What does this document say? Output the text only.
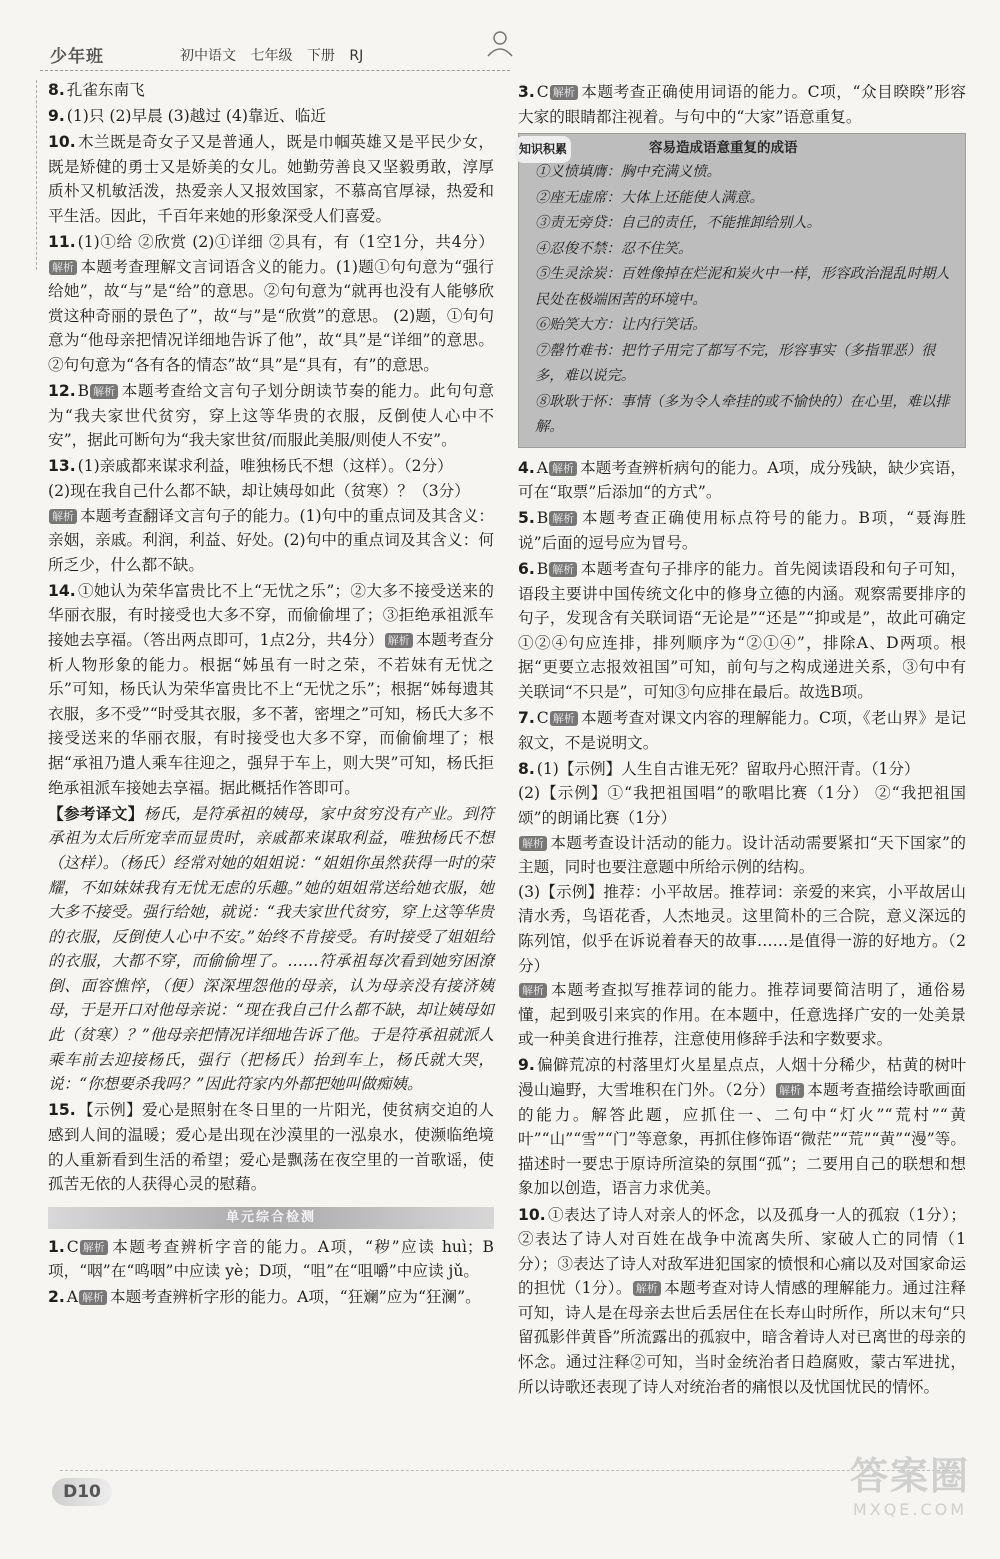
少年班	初中语文 七年级 下册 RJ

8. 孔雀东南飞

9. (1)只 (2)早晨 (3)越过 (4)靠近、临近

10. 木兰既是奇女子又是普通人，既是巾帼英雄又是平民少女，既是矫健的勇士又是娇美的女儿。她勤劳善良又坚毅勇敢，淳厚质朴又机敏活泼，热爱亲人又报效国家，不慕高官厚禄，热爱和平生活。因此，千百年来她的形象深受人们喜爱。

11. (1)①给 ②欣赏 (2)①详细 ②具有，有（1空1分，共4分）解析 本题考查理解文言词语含义的能力。(1)题①句句意为“强行给她”，故“与”是“给”的意思。②句句意为“就再也没有人能够欣赏这种奇丽的景色了”，故“与”是“欣赏”的意思。 (2)题，①句句意为“他母亲把情况详细地告诉了他”，故“具”是“详细”的意思。②句句意为“各有各的情态”故“具”是“具有，有”的意思。

12. B 解析 本题考查给文言句子划分朗读节奏的能力。此句句意为“我夫家世代贫穷，穿上这等华贵的衣服，反倒使人心中不安”，据此可断句为“我夫家世贫/而服此美服/则使人不安”。

13. (1)亲戚都来谋求利益，唯独杨氏不想（这样）。（2分）
(2)现在我自己什么都不缺，却让姨母如此（贫寒）？（3分）
解析 本题考查翻译文言句子的能力。(1)句中的重点词及其含义：亲姻，亲戚。利润，利益、好处。(2)句中的重点词及其含义：何所乏少，什么都不缺。

14. ①她认为荣华富贵比不上“无忧之乐”；②大多不接受送来的华丽衣服，有时接受也大多不穿，而偷偷埋了；③拒绝承祖派车接她去享福。（答出两点即可，1点2分，共4分） 解析 本题考查分析人物形象的能力。根据“姊虽有一时之荣，不若妹有无忧之乐”可知，杨氏认为荣华富贵比不上“无忧之乐”；根据“姊每遗其衣服，多不受”“时受其衣服，多不著，密埋之”可知，杨氏大多不接受送来的华丽衣服，有时接受也大多不穿，而偷偷埋了；根据“承祖乃遣人乘车往迎之，强舁于车上，则大哭”可知，杨氏拒绝承祖派车接她去享福。据此概括作答即可。

【参考译文】杨氏，是符承祖的姨母，家中贫穷没有产业。到符承祖为太后所宠幸而显贵时，亲戚都来谋取利益，唯独杨氏不想（这样）。（杨氏）经常对她的姐姐说：“姐姐你虽然获得一时的荣耀，不如妹妹我有无忧无虑的乐趣。”她的姐姐常送给她衣服，她大多不接受。强行给她，就说：“我夫家世代贫穷，穿上这等华贵的衣服，反倒使人心中不安。”始终不肯接受。有时接受了姐姐给的衣服，大都不穿，而偷偷埋了。……符承祖每次看到她穷困潦倒、面容憔悴，（便）深深埋怨他的母亲，认为母亲没有接济姨母，于是开口对他母亲说：“现在我自己什么都不缺，却让姨母如此（贫寒）？”他母亲把情况详细地告诉了他。于是符承祖就派人乘车前去迎接杨氏，强行（把杨氏）抬到车上，杨氏就大哭，说：“你想要杀我吗？”因此符家内外都把她叫做痴姨。

15. 【示例】爱心是照射在冬日里的一片阳光，使贫病交迫的人感到人间的温暖；爱心是出现在沙漠里的一泓泉水，使濒临绝境的人重新看到生活的希望；爱心是飘荡在夜空里的一首歌谣，使孤苦无依的人获得心灵的慰藉。

单元综合检测

1. C 解析 本题考查辨析字音的能力。A项，“秽”应读 huì；B项，“咽”在“鸣咽”中应读 yè；D项，“咀”在“咀嚼”中应读 jǔ。

2. A 解析 本题考查辨析字形的能力。A项，“狂斓”应为“狂澜”。

3. C 解析 本题考查正确使用词语的能力。C项，“众目睽睽”形容大家的眼睛都注视着。与句中的“大家”语意重复。

知识积累	容易造成语意重复的成语

①义愤填膺：胸中充满义愤。

②座无虚席：大体上还能使人满意。

③责无旁贷：自己的责任，不能推卸给别人。

④忍俊不禁：忍不住笑。

⑤生灵涂炭：百姓像掉在烂泥和炭火中一样，形容政治混乱时期人民处在极端困苦的环境中。

⑥贻笑大方：让内行笑话。

⑦罄竹难书：把竹子用完了都写不完，形容事实（多指罪恶）很多，难以说完。

⑧耿耿于怀：事情（多为令人牵挂的或不愉快的）在心里，难以排解。

4. A 解析 本题考查辨析病句的能力。A项，成分残缺，缺少宾语，可在“取票”后添加“的方式”。

5. B 解析 本题考查正确使用标点符号的能力。B项，“聂海胜说”后面的逗号应为冒号。

6. B 解析 本题考查句子排序的能力。首先阅读语段和句子可知，语段主要讲中国传统文化中的修身立德的内涵。观察需要排序的句子，发现含有关联词语“无论是”“还是”“抑或是”，故此可确定①②④句应连排，排列顺序为“②①④”，排除A、D两项。根据“更要立志报效祖国”可知，前句与之构成递进关系，③句中有关联词“不只是”，可知③句应排在最后。故选B项。

7. C 解析 本题考查对课文内容的理解能力。C项，《老山界》是记叙文，不是说明文。

8. (1)【示例】人生自古谁无死？留取丹心照汗青。（1分）
(2)【示例】①“我把祖国唱”的歌唱比赛（1分） ②“我把祖国颂”的朗诵比赛（1分）
解析 本题考查设计活动的能力。设计活动需要紧扣“天下国家”的主题，同时也要注意题中所给示例的结构。
(3)【示例】推荐：小平故居。推荐词：亲爱的来宾，小平故居山清水秀，鸟语花香，人杰地灵。这里简朴的三合院，意义深远的陈列馆，似乎在诉说着春天的故事……是值得一游的好地方。（2分）
解析 本题考查拟写推荐词的能力。推荐词要简洁明了，通俗易懂，起到吸引来宾的作用。在本题中，任意选择广安的一处美景或一种美食进行推荐，注意使用修辞手法和字数要求。

9. 偏僻荒凉的村落里灯火星星点点，人烟十分稀少，枯黄的树叶漫山遍野，大雪堆积在门外。（2分） 解析 本题考查描绘诗歌画面的能力。解答此题，应抓住一、二句中“灯火”“荒村”“黄叶”“山”“雪”“门”等意象，再抓住修饰语“微茫”“荒”“黄”“漫”等。描述时一要忠于原诗所渲染的氛围“孤”；二要用自己的联想和想象加以创造，语言力求优美。

10. ①表达了诗人对亲人的怀念，以及孤身一人的孤寂（1分）；②表达了诗人对百姓在战争中流离失所、家破人亡的同情（1分）；③表达了诗人对敌军进犯国家的愤恨和心痛以及对国家命运的担忧（1分）。 解析 本题考查对诗人情感的理解能力。通过注释可知，诗人是在母亲去世后丢居住在长寿山时所作，所以末句“只留孤影伴黄昏”所流露出的孤寂中，暗含着诗人对已离世的母亲的怀念。通过注释②可知，当时金统治者日趋腐败，蒙古军进扰，所以诗歌还表现了诗人对统治者的痛恨以及忧国忧民的情怀。

D10	答案圈
MXQE.COM
